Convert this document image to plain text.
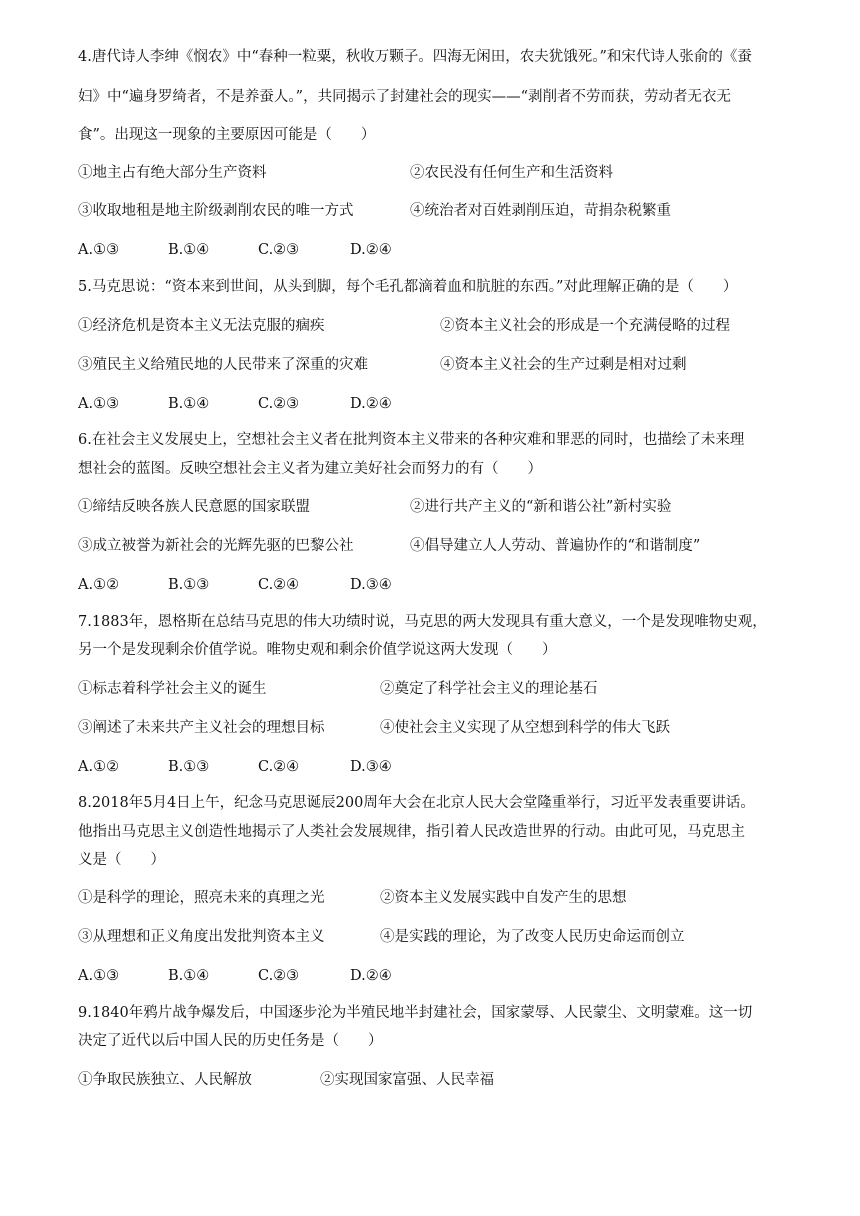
4.唐代诗人李绅《悯农》中“春种一粒粟，秋收万颗子。四海无闲田，农夫犹饿死。”和宋代诗人张俞的《蚕
妇》中“遍身罗绮者，不是养蚕人。”，共同揭示了封建社会的现实——“剥削者不劳而获，劳动者无衣无
食”。出现这一现象的主要原因可能是（　　）
①地主占有绝大部分生产资料	②农民没有任何生产和生活资料
③收取地租是地主阶级剥削农民的唯一方式	④统治者对百姓剥削压迫，苛捐杂税繁重
A.①③	B.①④	C.②③	D.②④
5.马克思说：“资本来到世间，从头到脚，每个毛孔都滴着血和肮脏的东西。”对此理解正确的是（　　）
①经济危机是资本主义无法克服的痼疾	②资本主义社会的形成是一个充满侵略的过程
③殖民主义给殖民地的人民带来了深重的灾难	④资本主义社会的生产过剩是相对过剩
A.①③	B.①④	C.②③	D.②④
6.在社会主义发展史上，空想社会主义者在批判资本主义带来的各种灾难和罪恶的同时，也描绘了未来理
想社会的蓝图。反映空想社会主义者为建立美好社会而努力的有（　　）
①缔结反映各族人民意愿的国家联盟	②进行共产主义的“新和谐公社”新村实验
③成立被誉为新社会的光辉先驱的巴黎公社	④倡导建立人人劳动、普遍协作的“和谐制度”
A.①②	B.①③	C.②④	D.③④
7.1883年，恩格斯在总结马克思的伟大功绩时说，马克思的两大发现具有重大意义，一个是发现唯物史观，
另一个是发现剩余价值学说。唯物史观和剩余价值学说这两大发现（　　）
①标志着科学社会主义的诞生	②奠定了科学社会主义的理论基石
③阐述了未来共产主义社会的理想目标	④使社会主义实现了从空想到科学的伟大飞跃
A.①②	B.①③	C.②④	D.③④
8.2018年5月4日上午，纪念马克思诞辰200周年大会在北京人民大会堂隆重举行，习近平发表重要讲话。
他指出马克思主义创造性地揭示了人类社会发展规律，指引着人民改造世界的行动。由此可见，马克思主
义是（　　）
①是科学的理论，照亮未来的真理之光	②资本主义发展实践中自发产生的思想
③从理想和正义角度出发批判资本主义	④是实践的理论，为了改变人民历史命运而创立
A.①③	B.①④	C.②③	D.②④
9.1840年鸦片战争爆发后，中国逐步沦为半殖民地半封建社会，国家蒙辱、人民蒙尘、文明蒙难。这一切
决定了近代以后中国人民的历史任务是（　　）
①争取民族独立、人民解放	②实现国家富强、人民幸福
